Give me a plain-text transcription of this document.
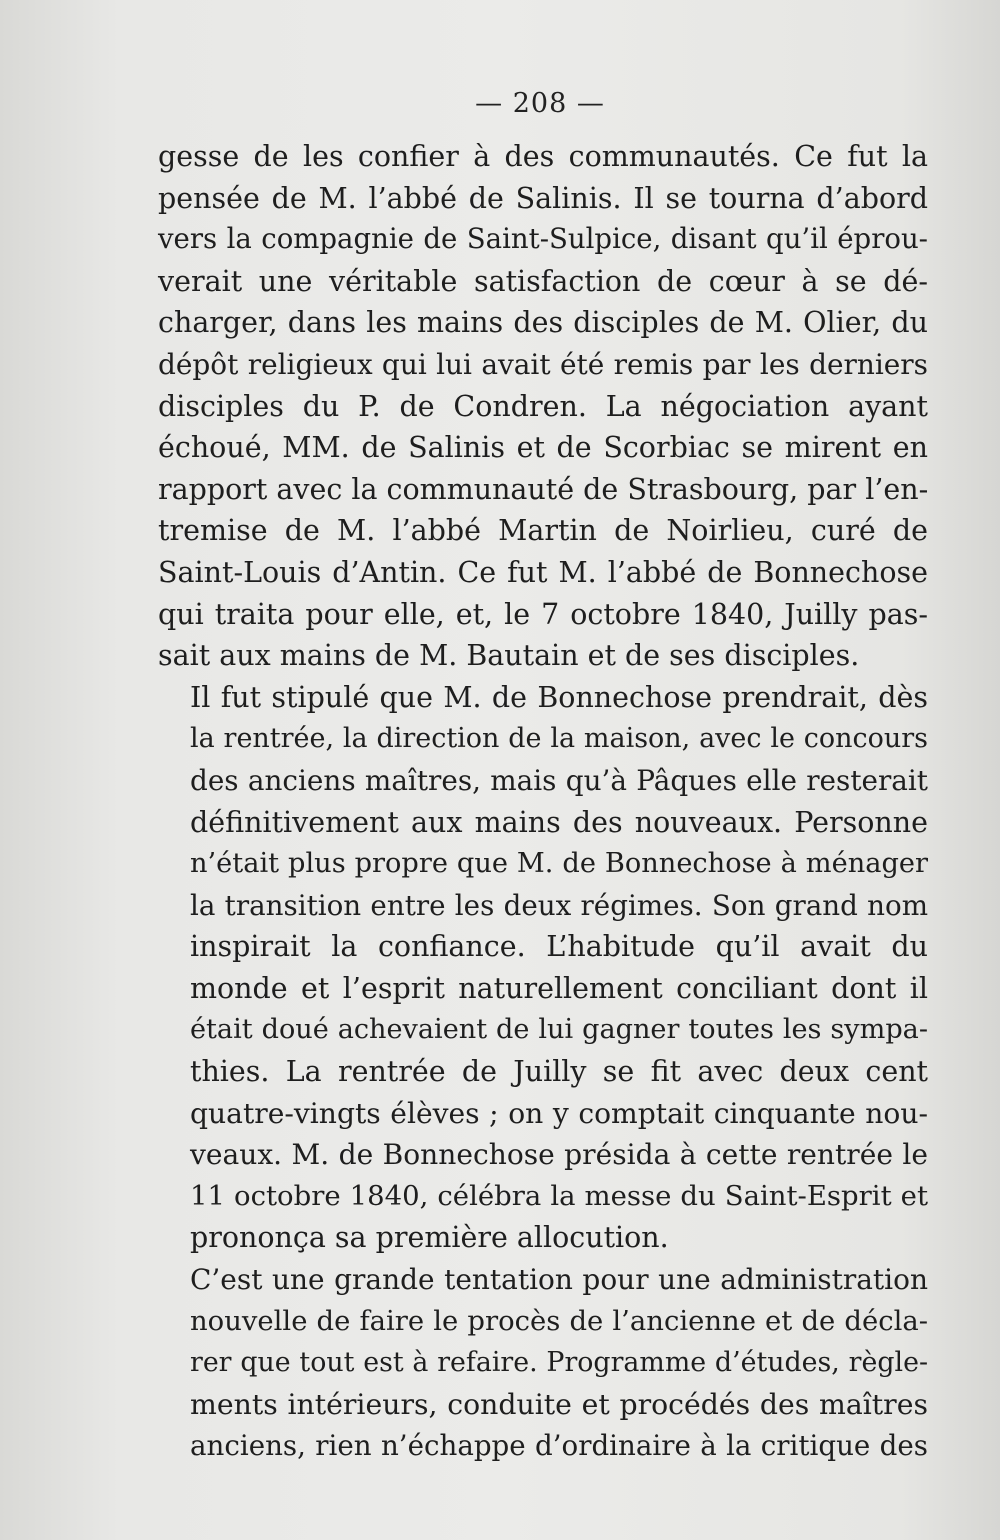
— 208 —

gesse de les confier à des communautés. Ce fut la
pensée de M. l’abbé de Salinis. Il se tourna d’abord
vers la compagnie de Saint-Sulpice, disant qu’il éprou-
verait une véritable satisfaction de cœur à se dé-
charger, dans les mains des disciples de M. Olier, du
dépôt religieux qui lui avait été remis par les derniers
disciples du P. de Condren. La négociation ayant
échoué, MM. de Salinis et de Scorbiac se mirent en
rapport avec la communauté de Strasbourg, par l’en-
tremise de M. l’abbé Martin de Noirlieu, curé de
Saint-Louis d’Antin. Ce fut M. l’abbé de Bonnechose
qui traita pour elle, et, le 7 octobre 1840, Juilly pas-
sait aux mains de M. Bautain et de ses disciples.

Il fut stipulé que M. de Bonnechose prendrait, dès
la rentrée, la direction de la maison, avec le concours
des anciens maîtres, mais qu’à Pâques elle resterait
définitivement aux mains des nouveaux. Personne
n’était plus propre que M. de Bonnechose à ménager
la transition entre les deux régimes. Son grand nom
inspirait la confiance. L’habitude qu’il avait du
monde et l’esprit naturellement conciliant dont il
était doué achevaient de lui gagner toutes les sympa-
thies. La rentrée de Juilly se fit avec deux cent
quatre-vingts élèves ; on y comptait cinquante nou-
veaux. M. de Bonnechose présida à cette rentrée le
11 octobre 1840, célébra la messe du Saint-Esprit et
prononça sa première allocution.

C’est une grande tentation pour une administration
nouvelle de faire le procès de l’ancienne et de décla-
rer que tout est à refaire. Programme d’études, règle-
ments intérieurs, conduite et procédés des maîtres
anciens, rien n’échappe d’ordinaire à la critique des
